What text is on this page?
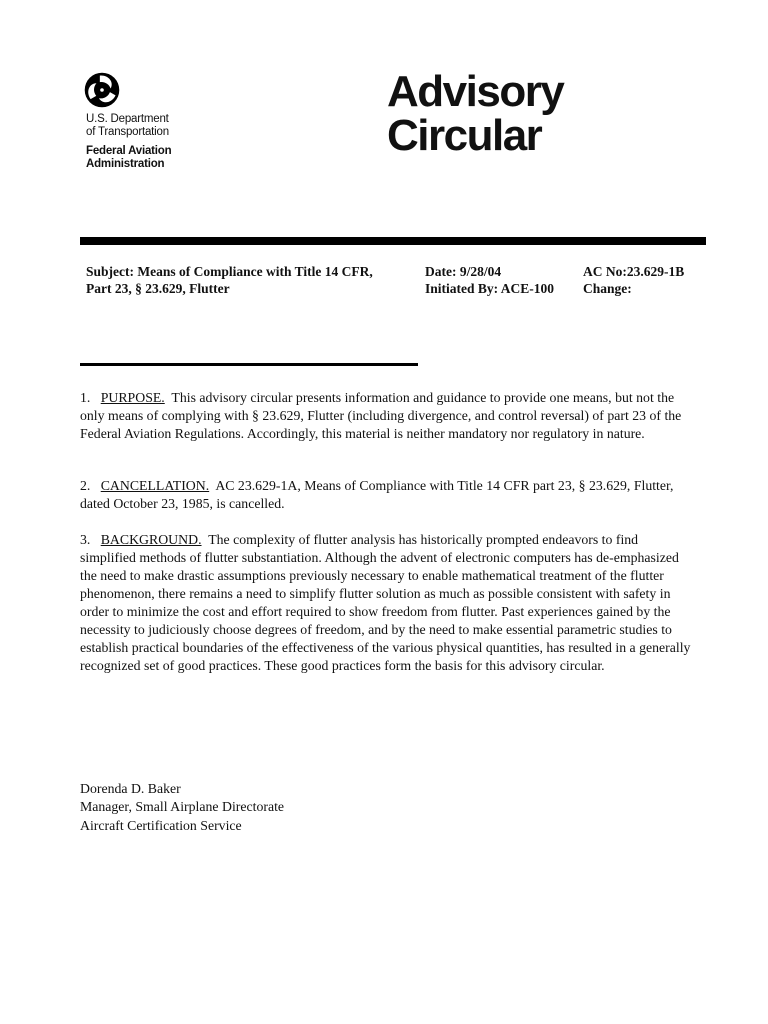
U.S. Department
of Transportation
Federal Aviation
Administration
Advisory
Circular
Subject: Means of Compliance with Title 14 CFR,
Part 23, § 23.629, Flutter
Date: 9/28/04
Initiated By: ACE-100
AC No:23.629-1B
Change:

1. PURPOSE. This advisory circular presents information and guidance to provide one means, but not the only means of complying with § 23.629, Flutter (including divergence, and control reversal) of part 23 of the Federal Aviation Regulations. Accordingly, this material is neither mandatory nor regulatory in nature.

2. CANCELLATION. AC 23.629-1A, Means of Compliance with Title 14 CFR part 23, § 23.629, Flutter, dated October 23, 1985, is cancelled.

3. BACKGROUND. The complexity of flutter analysis has historically prompted endeavors to find simplified methods of flutter substantiation. Although the advent of electronic computers has de-emphasized the need to make drastic assumptions previously necessary to enable mathematical treatment of the flutter phenomenon, there remains a need to simplify flutter solution as much as possible consistent with safety in order to minimize the cost and effort required to show freedom from flutter. Past experiences gained by the necessity to judiciously choose degrees of freedom, and by the need to make essential parametric studies to establish practical boundaries of the effectiveness of the various physical quantities, has resulted in a generally recognized set of good practices. These good practices form the basis for this advisory circular.

Dorenda D. Baker
Manager, Small Airplane Directorate
Aircraft Certification Service
